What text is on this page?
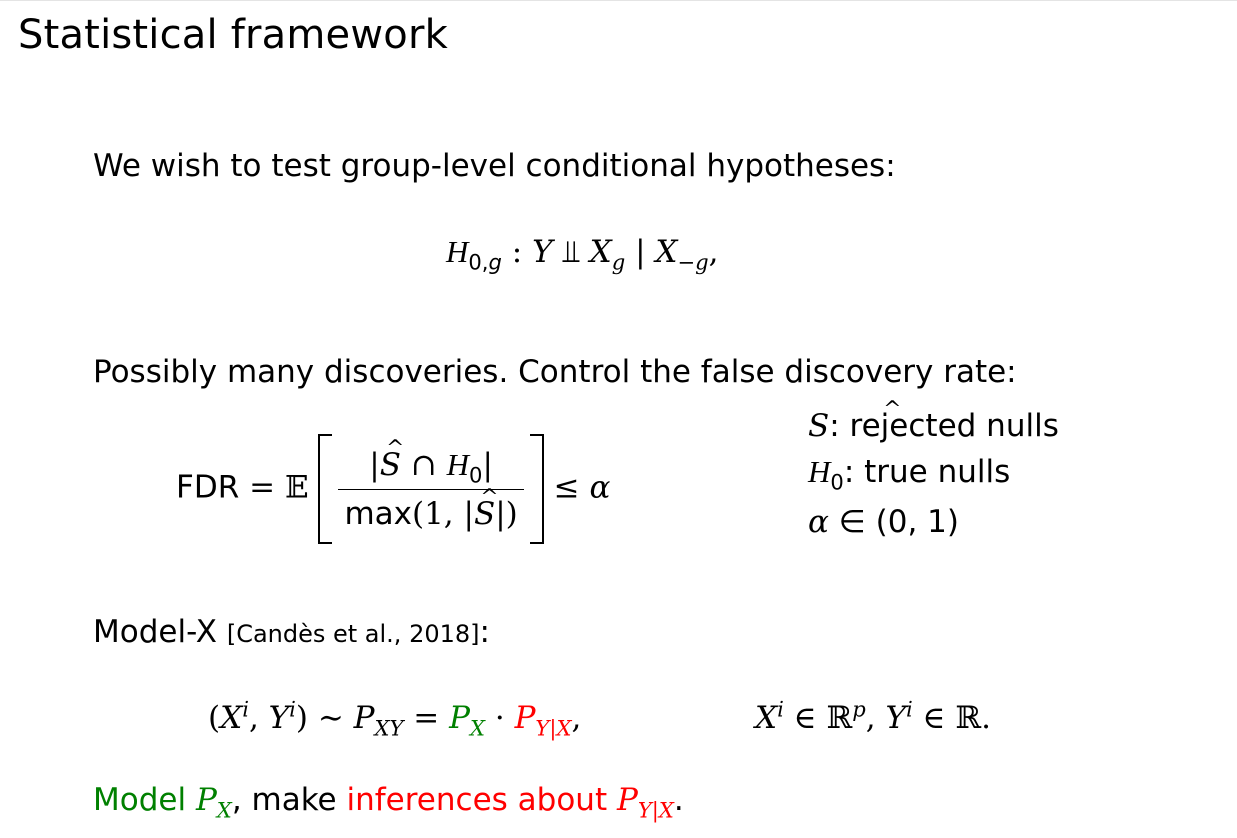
Statistical framework
We wish to test group-level conditional hypotheses:
$H_{0,g}$ : Y ⫫ $X_g$ | $X_{-g}$,
Possibly many discoveries. Control the false discovery rate:
FDR = 𝔼 $\frac{|\^{} S \cap H_0|}{\max(1, |\^{} S|)} \le \alpha$
^ S: rejected nulls
$H_0$: true nulls
α ∈ (0, 1)
Model-X [Candès et al., 2018]:
($X^i$, $Y^i$) ∼ $P_{XY} = P_X \cdot P_{Y|X}$,	$X^i$ ∈ ℝ$^p$, $Y^i$ ∈ ℝ.
Model $P_X$, make inferences about $P_{Y|X}$.
